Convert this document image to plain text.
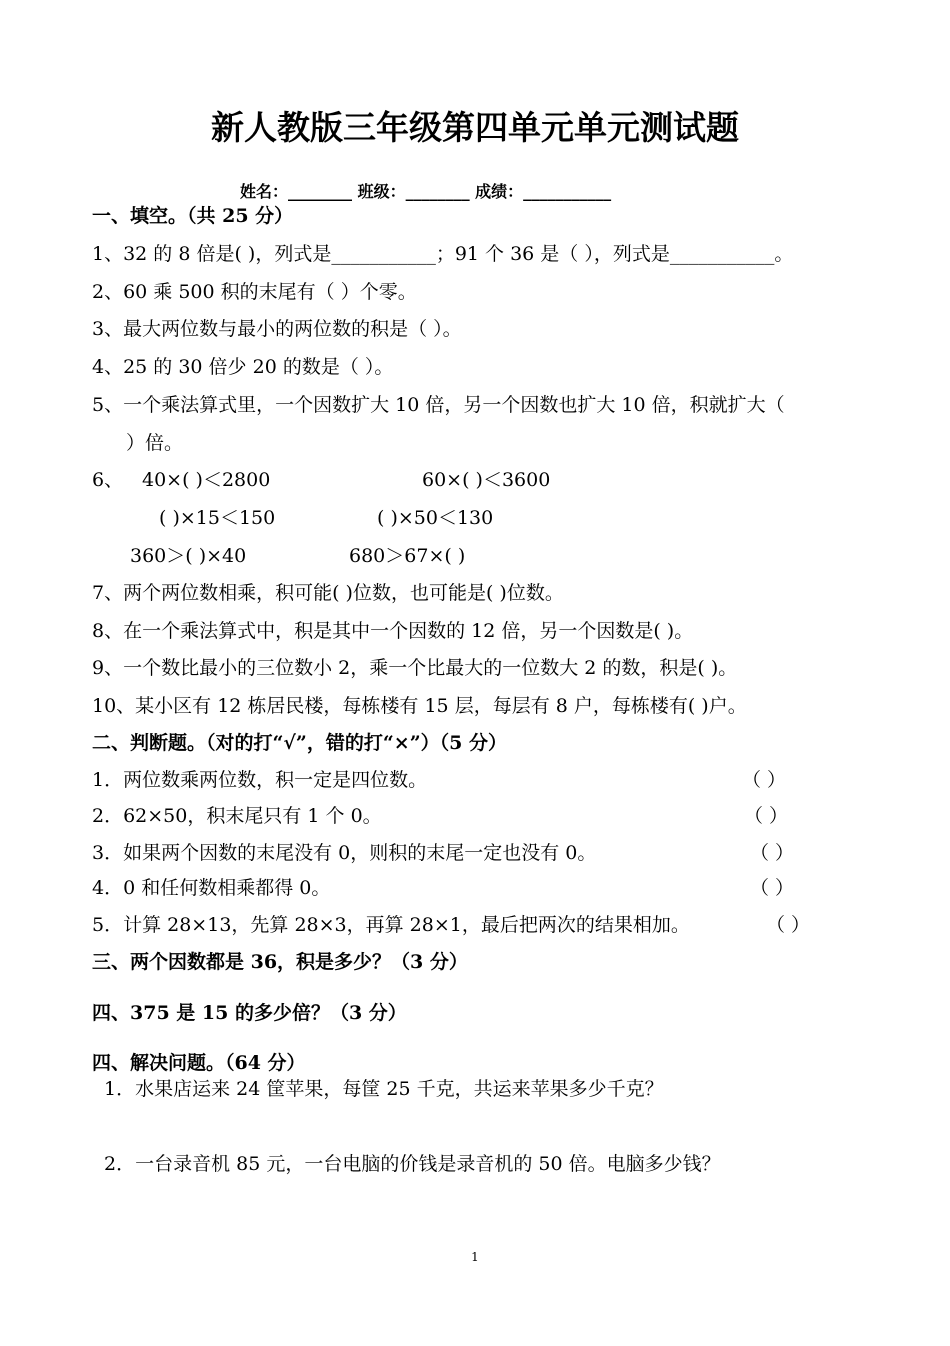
新人教版三年级第四单元单元测试题
姓名：________ 班级：________ 成绩：___________
一、填空。（共 25 分）
1、32 的 8 倍是( )，列式是___________；91 个 36 是（ ），列式是___________。
2、60 乘 500 积的末尾有（ ）个零。
3、最大两位数与最小的两位数的积是（ ）。
4、25 的 30 倍少 20 的数是（ ）。
5、一个乘法算式里，一个因数扩大 10 倍，另一个因数也扩大 10 倍，积就扩大（
）倍。
6、 40×( )＜2800	60×( )＜3600
( )×15＜150	( )×50＜130
360＞( )×40	680＞67×( )
7、两个两位数相乘，积可能( )位数，也可能是( )位数。
8、在一个乘法算式中，积是其中一个因数的 12 倍，另一个因数是( )。
9、一个数比最小的三位数小 2，乘一个比最大的一位数大 2 的数，积是( )。
10、某小区有 12 栋居民楼，每栋楼有 15 层，每层有 8 户，每栋楼有( )户。
二、判断题。（对的打“√”，错的打“×”）（5 分）
1．两位数乘两位数，积一定是四位数。	（ ）
2．62×50，积末尾只有 1 个 0。	（ ）
3．如果两个因数的末尾没有 0，则积的末尾一定也没有 0。	（ ）
4．0 和任何数相乘都得 0。	（ ）
5．计算 28×13，先算 28×3，再算 28×1，最后把两次的结果相加。	（ ）
三、两个因数都是 36，积是多少？（3 分）
四、375 是 15 的多少倍？（3 分）
四、解决问题。（64 分）
1．水果店运来 24 筐苹果，每筐 25 千克，共运来苹果多少千克？
2．一台录音机 85 元，一台电脑的价钱是录音机的 50 倍。电脑多少钱？
1
